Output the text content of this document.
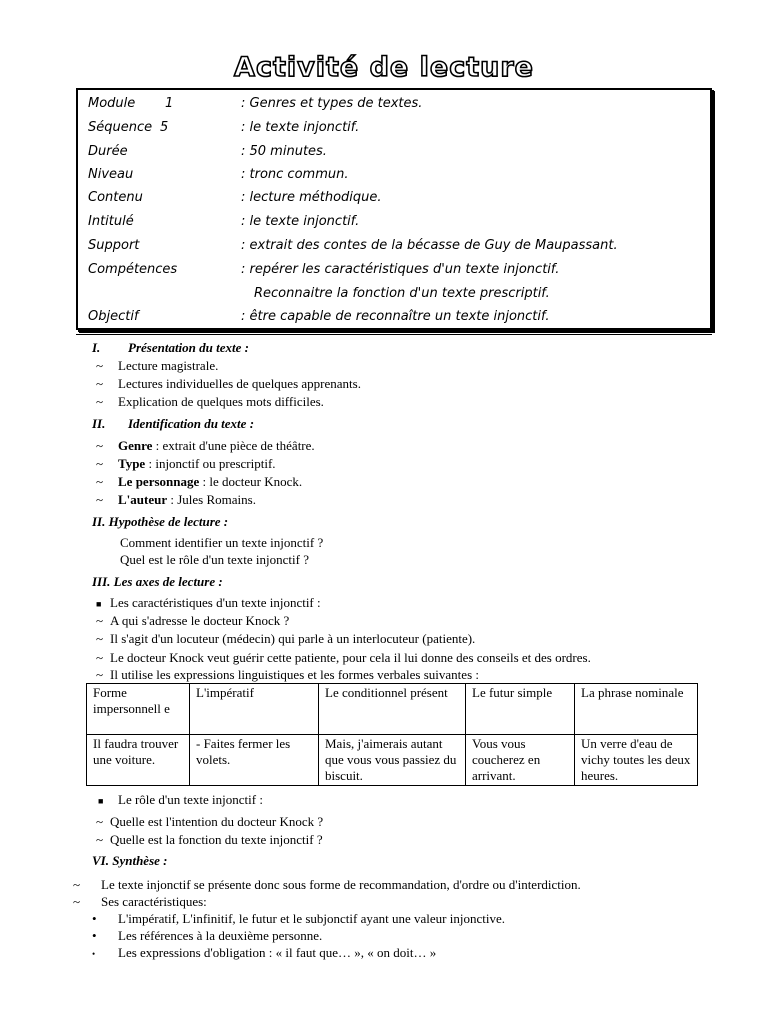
Activité de lecture
Module 1	: Genres et types de textes.
Séquence 5	: le texte injonctif.
Durée	: 50 minutes.
Niveau	: tronc commun.
Contenu	: lecture méthodique.
Intitulé	: le texte injonctif.
Support	: extrait des contes de la bécasse de Guy de Maupassant.
Compétences	: repérer les caractéristiques d'un texte injonctif.
Reconnaitre la fonction d'un texte prescriptif.
Objectif	: être capable de reconnaître un texte injonctif.
I. Présentation du texte :
~ Lecture magistrale.
~ Lectures individuelles de quelques apprenants.
~ Explication de quelques mots difficiles.
II. Identification du texte :
~ Genre : extrait d'une pièce de théâtre.
~ Type : injonctif ou prescriptif.
~ Le personnage : le docteur Knock.
~ L'auteur : Jules Romains.
II. Hypothèse de lecture :
Comment identifier un texte injonctif ?
Quel est le rôle d'un texte injonctif ?
III. Les axes de lecture :
■ Les caractéristiques d'un texte injonctif :
~ A qui s'adresse le docteur Knock ?
~ Il s'agit d'un locuteur (médecin) qui parle à un interlocuteur (patiente).
~ Le docteur Knock veut guérir cette patiente, pour cela il lui donne des conseils et des ordres.
~ Il utilise les expressions linguistiques et les formes verbales suivantes :
Forme impersonnell e	L'impératif	Le conditionnel présent	Le futur simple	La phrase nominale
Il faudra trouver une voiture.	- Faites fermer les volets.	Mais, j'aimerais autant que vous vous passiez du biscuit.	Vous vous coucherez en arrivant.	Un verre d'eau de vichy toutes les deux heures.
■ Le rôle d'un texte injonctif :
~ Quelle est l'intention du docteur Knock ?
~ Quelle est la fonction du texte injonctif ?
VI. Synthèse :
~ Le texte injonctif se présente donc sous forme de recommandation, d'ordre ou d'interdiction.
~ Ses caractéristiques:
• L'impératif, L'infinitif, le futur et le subjonctif ayant une valeur injonctive.
• Les références à la deuxième personne.
• Les expressions d'obligation : « il faut que… », « on doit… »
